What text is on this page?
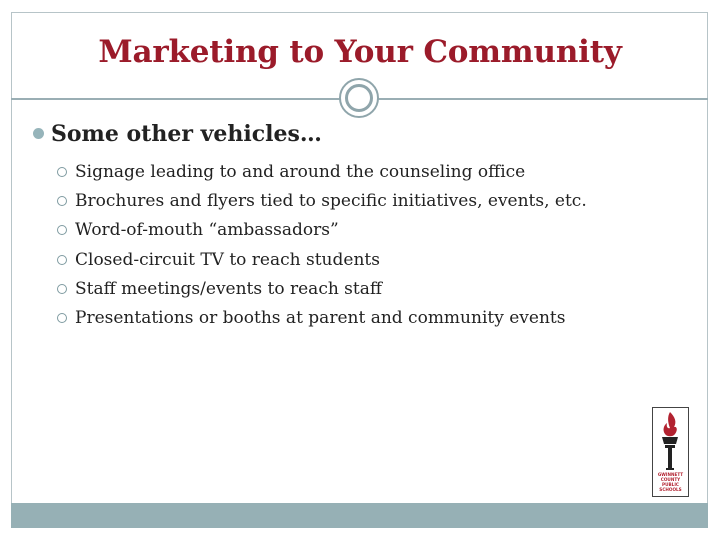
Marketing to Your Community
Some other vehicles…
Signage leading to and around the counseling office
Brochures and flyers tied to specific initiatives, events, etc.
Word-of-mouth “ambassadors”
Closed-circuit TV to reach students
Staff meetings/events to reach staff
Presentations or booths at parent and community events
GWINNETT
COUNTY
PUBLIC
SCHOOLS
